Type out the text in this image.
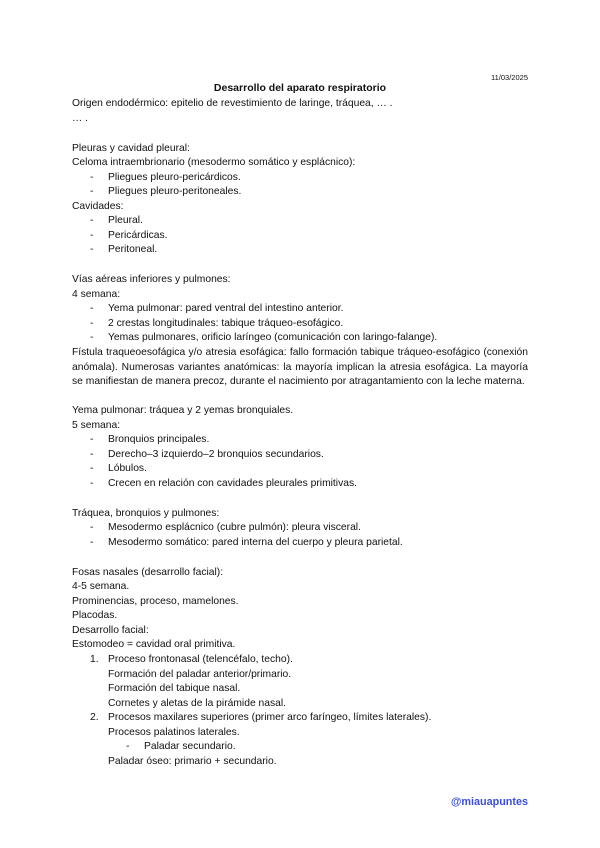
11/03/2025
Desarrollo del aparato respiratorio
Origen endodérmico: epitelio de revestimiento de laringe, tráquea, … .
… .
Pleuras y cavidad pleural:
Celoma intraembrionario (mesodermo somático y esplácnico):
- Pliegues pleuro-pericárdicos.
- Pliegues pleuro-peritoneales.
Cavidades:
- Pleural.
- Pericárdicas.
- Peritoneal.
Vías aéreas inferiores y pulmones:
4 semana:
- Yema pulmonar: pared ventral del intestino anterior.
- 2 crestas longitudinales: tabique tráqueo-esofágico.
- Yemas pulmonares, orificio laríngeo (comunicación con laringo-falange).
Fístula traqueoesofágica y/o atresia esofágica: fallo formación tabique tráqueo-esofágico (conexión anómala). Numerosas variantes anatómicas: la mayoría implican la atresia esofágica. La mayoría se manifiestan de manera precoz, durante el nacimiento por atragantamiento con la leche materna.
Yema pulmonar: tráquea y 2 yemas bronquiales.
5 semana:
- Bronquios principales.
- Derecho–3 izquierdo–2 bronquios secundarios.
- Lóbulos.
- Crecen en relación con cavidades pleurales primitivas.
Tráquea, bronquios y pulmones:
- Mesodermo esplácnico (cubre pulmón): pleura visceral.
- Mesodermo somático: pared interna del cuerpo y pleura parietal.
Fosas nasales (desarrollo facial):
4-5 semana.
Prominencias, proceso, mamelones.
Placodas.
Desarrollo facial:
Estomodeo = cavidad oral primitiva.
1. Proceso frontonasal (telencéfalo, techo).
Formación del paladar anterior/primario.
Formación del tabique nasal.
Cornetes y aletas de la pirámide nasal.
2. Procesos maxilares superiores (primer arco faríngeo, límites laterales).
Procesos palatinos laterales.
- Paladar secundario.
Paladar óseo: primario + secundario.
@miauapuntes
